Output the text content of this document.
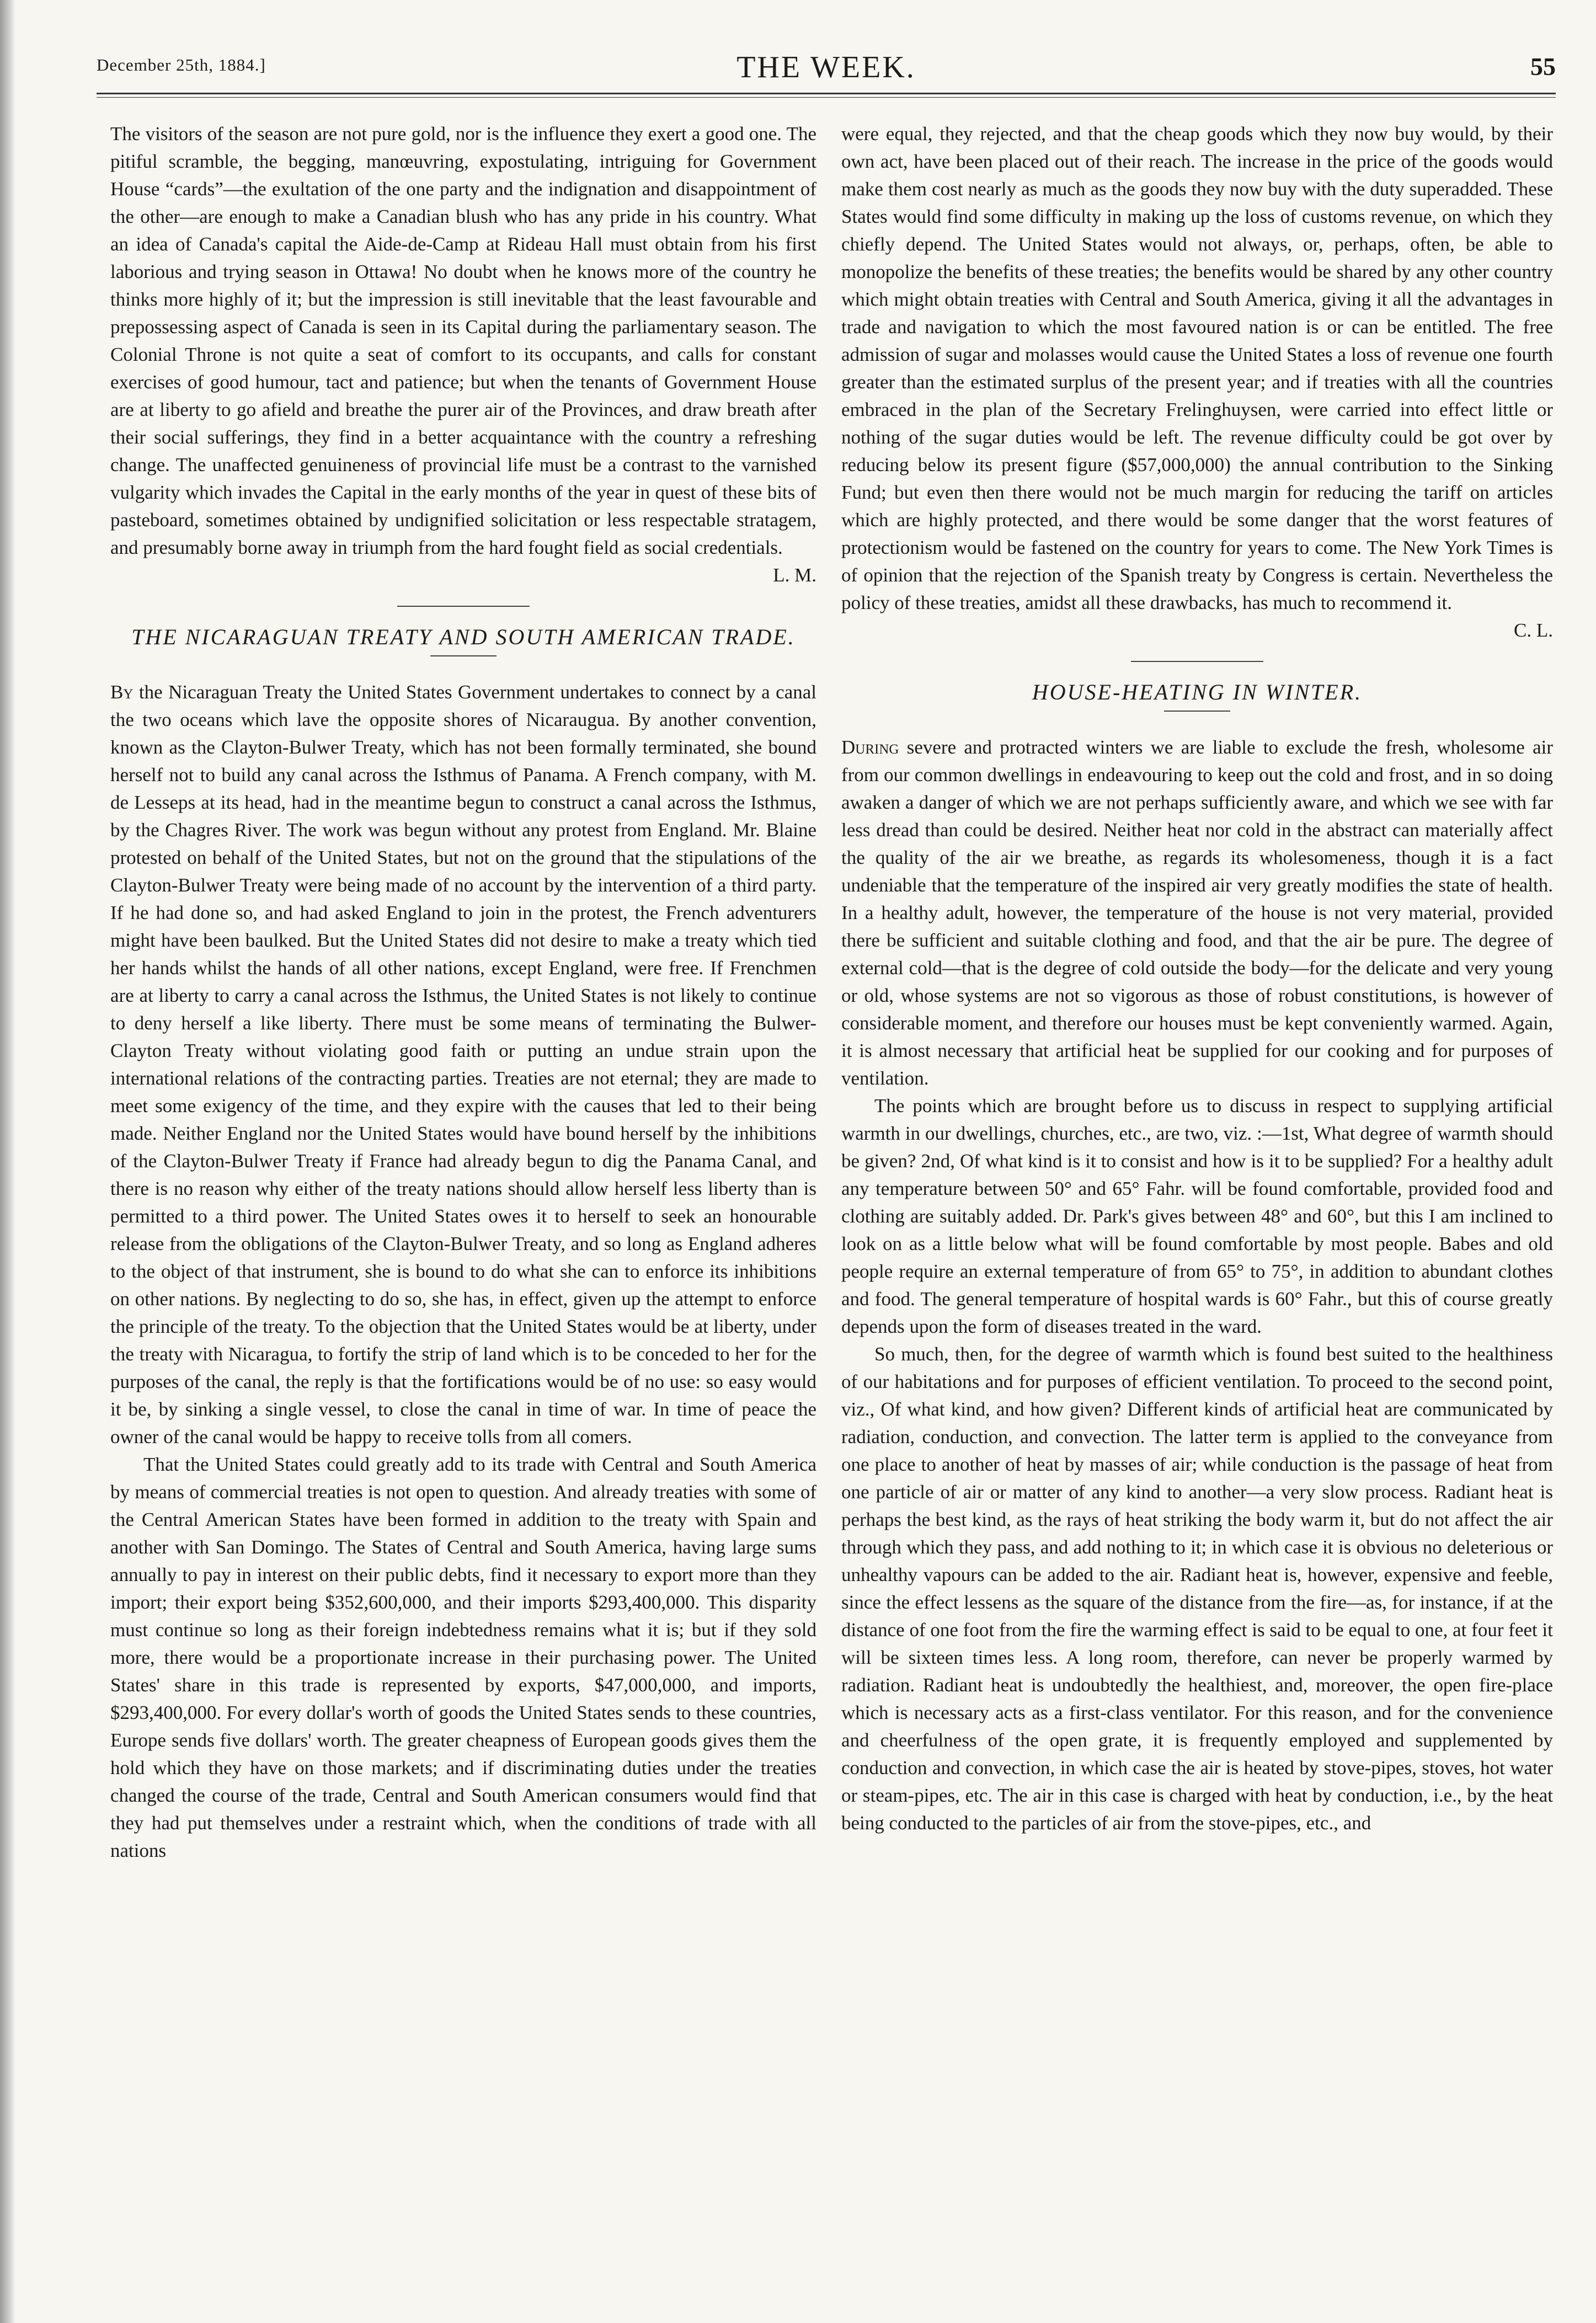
December 25th, 1884.]	THE WEEK.	55

The visitors of the season are not pure gold, nor is the influence they exert a good one. The pitiful scramble, the begging, manœuvring, expostulating, intriguing for Government House “cards”—the exultation of the one party and the indignation and disappointment of the other—are enough to make a Canadian blush who has any pride in his country. What an idea of Canada's capital the Aide-de-Camp at Rideau Hall must obtain from his first laborious and trying season in Ottawa! No doubt when he knows more of the country he thinks more highly of it; but the impression is still inevitable that the least favourable and prepossessing aspect of Canada is seen in its Capital during the parliamentary season. The Colonial Throne is not quite a seat of comfort to its occupants, and calls for constant exercises of good humour, tact and patience; but when the tenants of Government House are at liberty to go afield and breathe the purer air of the Provinces, and draw breath after their social sufferings, they find in a better acquaintance with the country a refreshing change. The unaffected genuineness of provincial life must be a contrast to the varnished vulgarity which invades the Capital in the early months of the year in quest of these bits of pasteboard, sometimes obtained by undignified solicitation or less respectable stratagem, and presumably borne away in triumph from the hard fought field as social credentials.

L. M.
THE NICARAGUAN TREATY AND SOUTH AMERICAN TRADE.

By the Nicaraguan Treaty the United States Government undertakes to connect by a canal the two oceans which lave the opposite shores of Nicaraugua. By another convention, known as the Clayton-Bulwer Treaty, which has not been formally terminated, she bound herself not to build any canal across the Isthmus of Panama. A French company, with M. de Lesseps at its head, had in the meantime begun to construct a canal across the Isthmus, by the Chagres River. The work was begun without any protest from England. Mr. Blaine protested on behalf of the United States, but not on the ground that the stipulations of the Clayton-Bulwer Treaty were being made of no account by the intervention of a third party. If he had done so, and had asked England to join in the protest, the French adventurers might have been baulked. But the United States did not desire to make a treaty which tied her hands whilst the hands of all other nations, except England, were free. If Frenchmen are at liberty to carry a canal across the Isthmus, the United States is not likely to continue to deny herself a like liberty. There must be some means of terminating the Bulwer-Clayton Treaty without violating good faith or putting an undue strain upon the international relations of the contracting parties. Treaties are not eternal; they are made to meet some exigency of the time, and they expire with the causes that led to their being made. Neither England nor the United States would have bound herself by the inhibitions of the Clayton-Bulwer Treaty if France had already begun to dig the Panama Canal, and there is no reason why either of the treaty nations should allow herself less liberty than is permitted to a third power. The United States owes it to herself to seek an honourable release from the obligations of the Clayton-Bulwer Treaty, and so long as England adheres to the object of that instrument, she is bound to do what she can to enforce its inhibitions on other nations. By neglecting to do so, she has, in effect, given up the attempt to enforce the principle of the treaty. To the objection that the United States would be at liberty, under the treaty with Nicaragua, to fortify the strip of land which is to be conceded to her for the purposes of the canal, the reply is that the fortifications would be of no use: so easy would it be, by sinking a single vessel, to close the canal in time of war. In time of peace the owner of the canal would be happy to receive tolls from all comers.

That the United States could greatly add to its trade with Central and South America by means of commercial treaties is not open to question. And already treaties with some of the Central American States have been formed in addition to the treaty with Spain and another with San Domingo. The States of Central and South America, having large sums annually to pay in interest on their public debts, find it necessary to export more than they import; their export being $352,600,000, and their imports $293,400,000. This disparity must continue so long as their foreign indebtedness remains what it is; but if they sold more, there would be a proportionate increase in their purchasing power. The United States' share in this trade is represented by exports, $47,000,000, and imports, $293,400,000. For every dollar's worth of goods the United States sends to these countries, Europe sends five dollars' worth. The greater cheapness of European goods gives them the hold which they have on those markets; and if discriminating duties under the treaties changed the course of the trade, Central and South American consumers would find that they had put themselves under a restraint which, when the conditions of trade with all nations

were equal, they rejected, and that the cheap goods which they now buy would, by their own act, have been placed out of their reach. The increase in the price of the goods would make them cost nearly as much as the goods they now buy with the duty superadded. These States would find some difficulty in making up the loss of customs revenue, on which they chiefly depend. The United States would not always, or, perhaps, often, be able to monopolize the benefits of these treaties; the benefits would be shared by any other country which might obtain treaties with Central and South America, giving it all the advantages in trade and navigation to which the most favoured nation is or can be entitled. The free admission of sugar and molasses would cause the United States a loss of revenue one fourth greater than the estimated surplus of the present year; and if treaties with all the countries embraced in the plan of the Secretary Frelinghuysen, were carried into effect little or nothing of the sugar duties would be left. The revenue difficulty could be got over by reducing below its present figure ($57,000,000) the annual contribution to the Sinking Fund; but even then there would not be much margin for reducing the tariff on articles which are highly protected, and there would be some danger that the worst features of protectionism would be fastened on the country for years to come. The New York Times is of opinion that the rejection of the Spanish treaty by Congress is certain. Nevertheless the policy of these treaties, amidst all these drawbacks, has much to recommend it.

C. L.
HOUSE-HEATING IN WINTER.

During severe and protracted winters we are liable to exclude the fresh, wholesome air from our common dwellings in endeavouring to keep out the cold and frost, and in so doing awaken a danger of which we are not perhaps sufficiently aware, and which we see with far less dread than could be desired. Neither heat nor cold in the abstract can materially affect the quality of the air we breathe, as regards its wholesomeness, though it is a fact undeniable that the temperature of the inspired air very greatly modifies the state of health. In a healthy adult, however, the temperature of the house is not very material, provided there be sufficient and suitable clothing and food, and that the air be pure. The degree of external cold—that is the degree of cold outside the body—for the delicate and very young or old, whose systems are not so vigorous as those of robust constitutions, is however of considerable moment, and therefore our houses must be kept conveniently warmed. Again, it is almost necessary that artificial heat be supplied for our cooking and for purposes of ventilation.

The points which are brought before us to discuss in respect to supplying artificial warmth in our dwellings, churches, etc., are two, viz. :—1st, What degree of warmth should be given? 2nd, Of what kind is it to consist and how is it to be supplied? For a healthy adult any temperature between 50° and 65° Fahr. will be found comfortable, provided food and clothing are suitably added. Dr. Park's gives between 48° and 60°, but this I am inclined to look on as a little below what will be found comfortable by most people. Babes and old people require an external temperature of from 65° to 75°, in addition to abundant clothes and food. The general temperature of hospital wards is 60° Fahr., but this of course greatly depends upon the form of diseases treated in the ward.

So much, then, for the degree of warmth which is found best suited to the healthiness of our habitations and for purposes of efficient ventilation. To proceed to the second point, viz., Of what kind, and how given? Different kinds of artificial heat are communicated by radiation, conduction, and convection. The latter term is applied to the conveyance from one place to another of heat by masses of air; while conduction is the passage of heat from one particle of air or matter of any kind to another—a very slow process. Radiant heat is perhaps the best kind, as the rays of heat striking the body warm it, but do not affect the air through which they pass, and add nothing to it; in which case it is obvious no deleterious or unhealthy vapours can be added to the air. Radiant heat is, however, expensive and feeble, since the effect lessens as the square of the distance from the fire—as, for instance, if at the distance of one foot from the fire the warming effect is said to be equal to one, at four feet it will be sixteen times less. A long room, therefore, can never be properly warmed by radiation. Radiant heat is undoubtedly the healthiest, and, moreover, the open fire-place which is necessary acts as a first-class ventilator. For this reason, and for the convenience and cheerfulness of the open grate, it is frequently employed and supplemented by conduction and convection, in which case the air is heated by stove-pipes, stoves, hot water or steam-pipes, etc. The air in this case is charged with heat by conduction, i.e., by the heat being conducted to the particles of air from the stove-pipes, etc., and
